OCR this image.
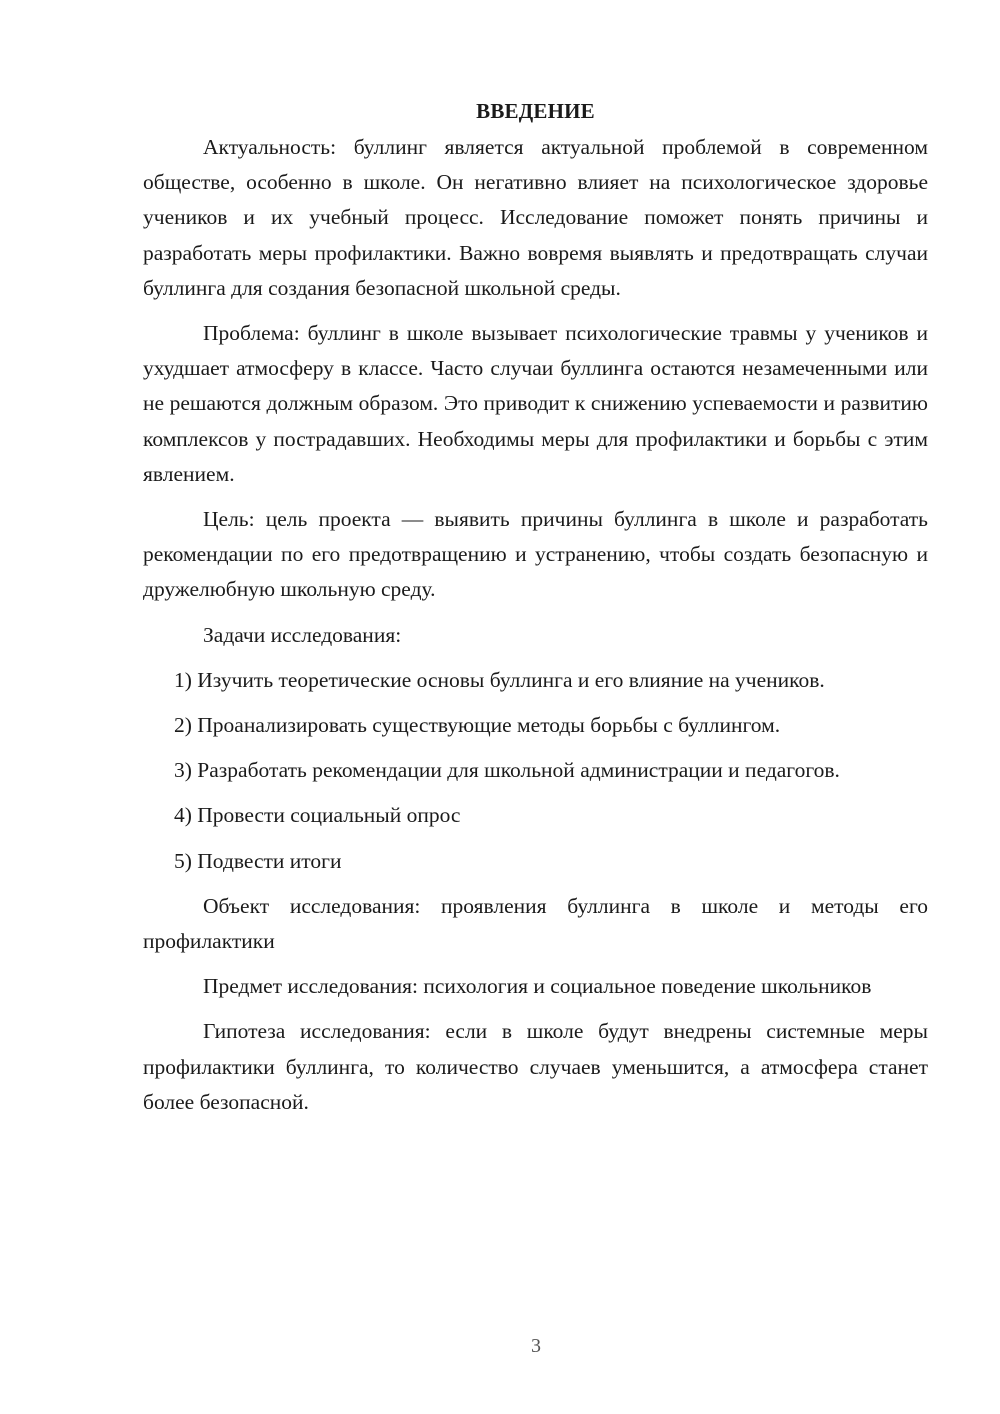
ВВЕДЕНИЕ

Актуальность: буллинг является актуальной проблемой в современном обществе, особенно в школе. Он негативно влияет на психологическое здоровье учеников и их учебный процесс. Исследование поможет понять причины и разработать меры профилактики. Важно вовремя выявлять и предотвращать случаи буллинга для создания безопасной школьной среды.

Проблема: буллинг в школе вызывает психологические травмы у учеников и ухудшает атмосферу в классе. Часто случаи буллинга остаются незамеченными или не решаются должным образом. Это приводит к снижению успеваемости и развитию комплексов у пострадавших. Необходимы меры для профилактики и борьбы с этим явлением.

Цель: цель проекта — выявить причины буллинга в школе и разработать рекомендации по его предотвращению и устранению, чтобы создать безопасную и дружелюбную школьную среду.

Задачи исследования:

1) Изучить теоретические основы буллинга и его влияние на учеников.

2) Проанализировать существующие методы борьбы с буллингом.

3) Разработать рекомендации для школьной администрации и педагогов.

4) Провести социальный опрос

5) Подвести итоги

Объект исследования: проявления буллинга в школе и методы его профилактики

Предмет исследования: психология и социальное поведение школьников

Гипотеза исследования: если в школе будут внедрены системные меры профилактики буллинга, то количество случаев уменьшится, а атмосфера станет более безопасной.

3
